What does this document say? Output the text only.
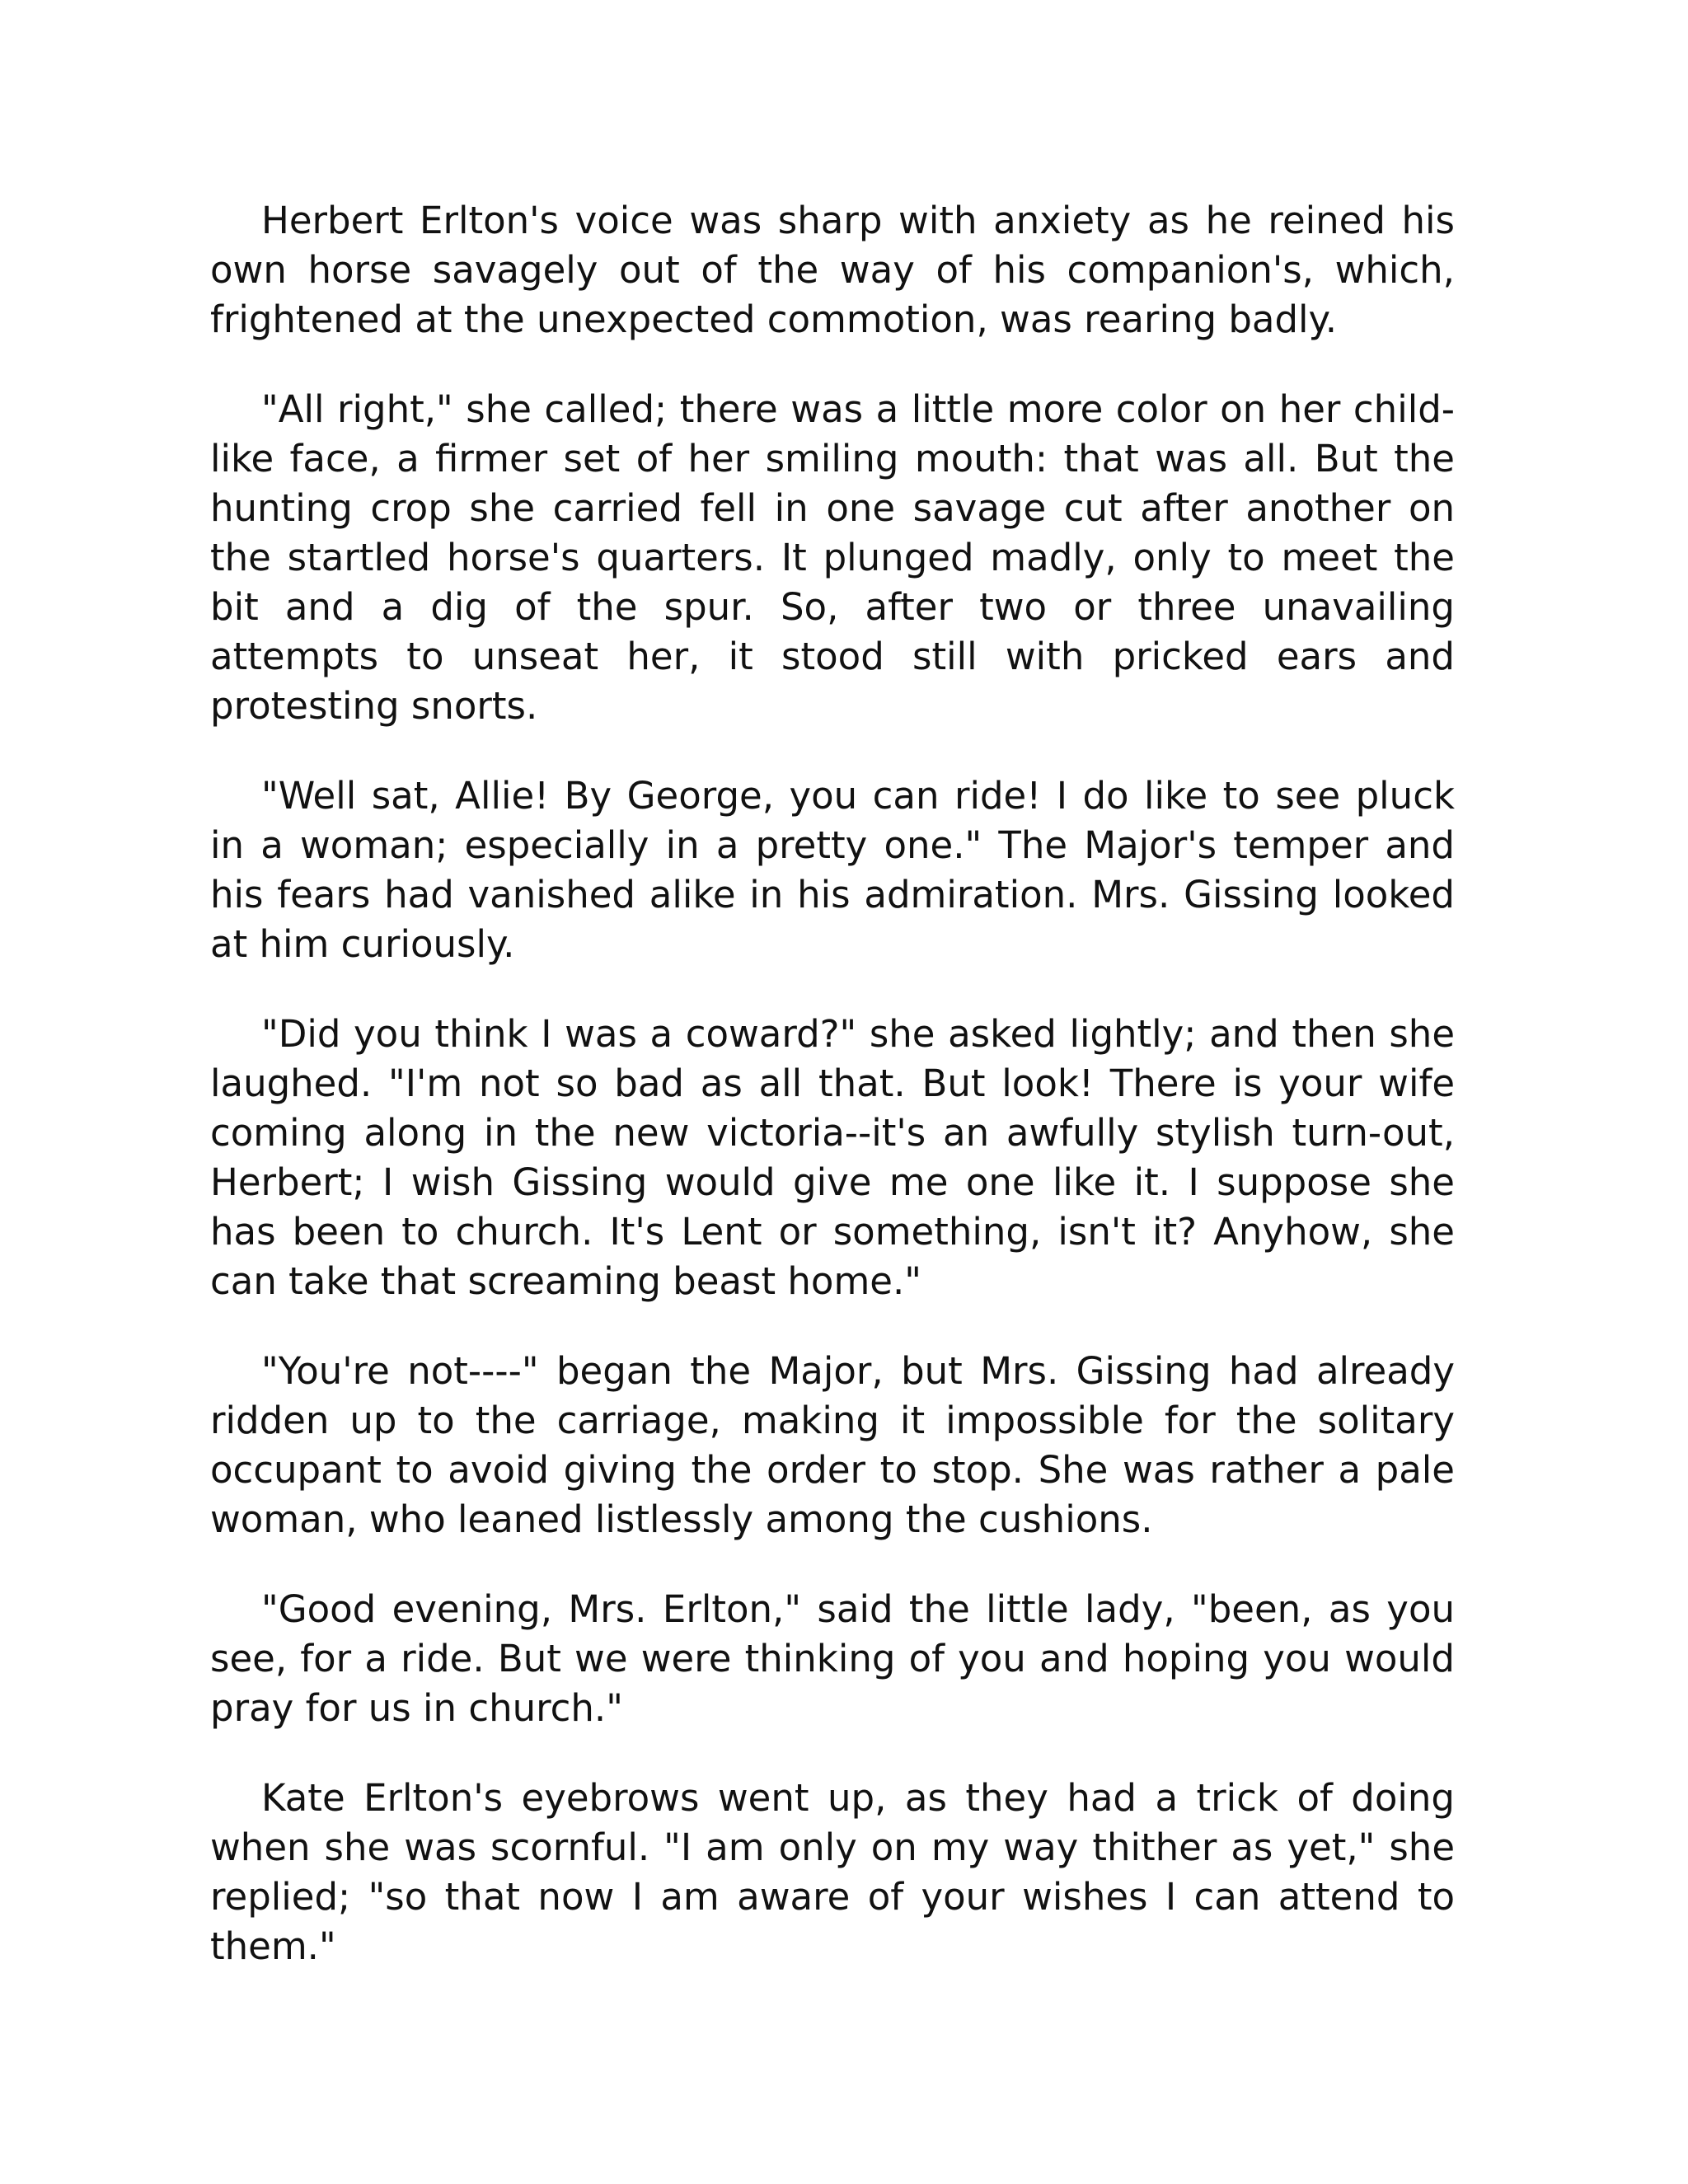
Herbert Erlton's voice was sharp with anxiety as he reined his own horse savagely out of the way of his companion's, which, frightened at the unexpected commotion, was rearing badly.

"All right," she called; there was a little more color on her child-like face, a firmer set of her smiling mouth: that was all. But the hunting crop she carried fell in one savage cut after another on the startled horse's quarters. It plunged madly, only to meet the bit and a dig of the spur. So, after two or three unavailing attempts to unseat her, it stood still with pricked ears and protesting snorts.

"Well sat, Allie! By George, you can ride! I do like to see pluck in a woman; especially in a pretty one." The Major's temper and his fears had vanished alike in his admiration. Mrs. Gissing looked at him curiously.

"Did you think I was a coward?" she asked lightly; and then she laughed. "I'm not so bad as all that. But look! There is your wife coming along in the new victoria--it's an awfully stylish turn-out, Herbert; I wish Gissing would give me one like it. I suppose she has been to church. It's Lent or something, isn't it? Anyhow, she can take that screaming beast home."

"You're not----" began the Major, but Mrs. Gissing had already ridden up to the carriage, making it impossible for the solitary occupant to avoid giving the order to stop. She was rather a pale woman, who leaned listlessly among the cushions.

"Good evening, Mrs. Erlton," said the little lady, "been, as you see, for a ride. But we were thinking of you and hoping you would pray for us in church."

Kate Erlton's eyebrows went up, as they had a trick of doing when she was scornful. "I am only on my way thither as yet," she replied; "so that now I am aware of your wishes I can attend to them."
